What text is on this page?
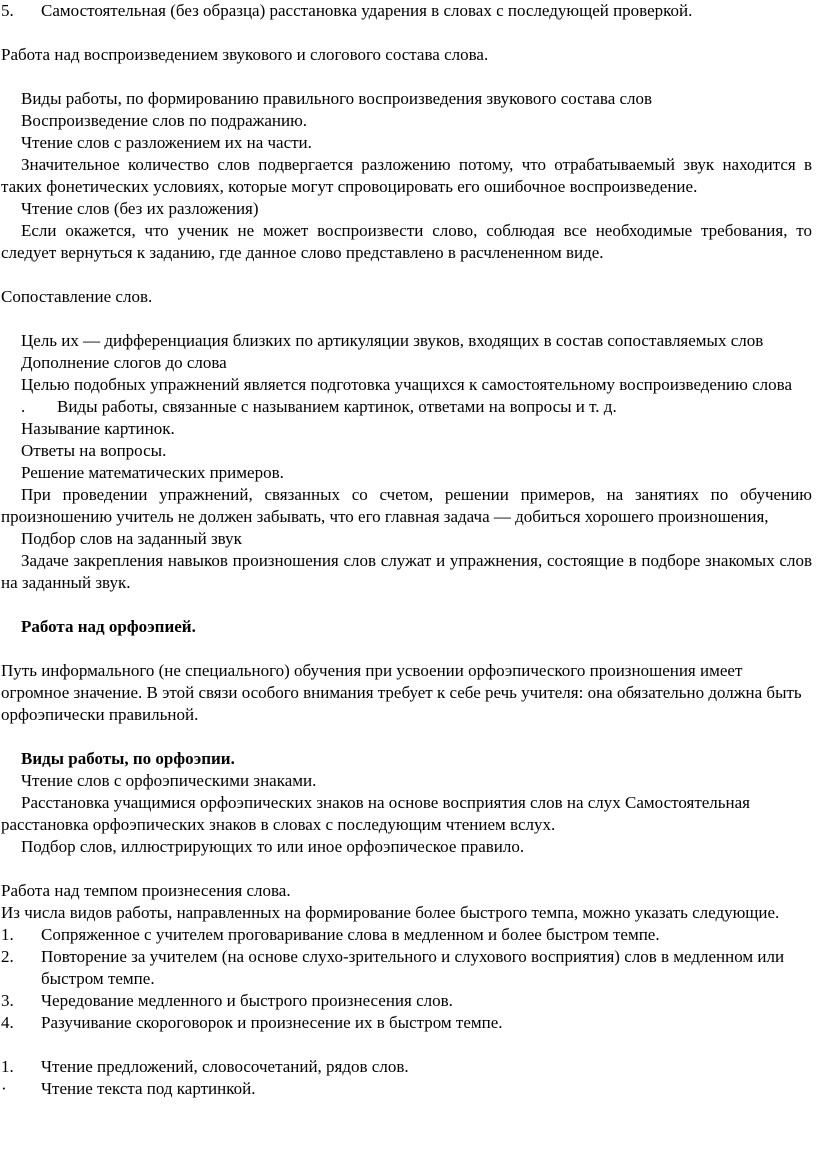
5.	Самостоятельная (без образца) расстановка ударения в словах с последующей проверкой.

Работа над воспроизведением звукового и слогового состава слова.

Виды работы, по формированию правильного воспроизведения звукового состава слов

Воспроизведение слов по подражанию.

Чтение слов с разложением их на части.

Значительное количество слов подвергается разложению потому, что отрабатываемый звук находится в таких фонетических условиях, которые могут спровоцировать его ошибочное воспроизведение.

Чтение слов (без их разложения)

Если окажется, что ученик не может воспроизвести слово, соблюдая все необходимые требования, то следует вернуться к заданию, где данное слово представлено в расчлененном виде.

Сопоставление слов.

Цель их — дифференциация близких по артикуляции звуков, входящих в состав сопоставляемых слов

Дополнение слогов до слова

Целью подобных упражнений является подготовка учащихся к самостоятельному воспроизведению слова

.	Виды работы, связанные с называнием картинок, ответами на вопросы и т. д.

Называние картинок.

Ответы на вопросы.

Решение математических примеров.

При проведении упражнений, связанных со счетом, решении примеров, на занятиях по обучению произношению учитель не должен забывать, что его главная задача — добиться хорошего произношения,

Подбор слов на заданный звук

Задаче закрепления навыков произношения слов служат и упражнения, состоящие в подборе знакомых слов на заданный звук.

Работа над орфоэпией.

Путь информального (не специального) обучения при усвоении орфоэпического произношения имеет огромное значение. В этой связи особого внимания требует к себе речь учителя: она обязательно должна быть орфоэпически правильной.

Виды работы, по орфоэпии.

Чтение слов с орфоэпическими знаками.

Расстановка учащимися орфоэпических знаков на основе восприятия слов на слух Самостоятельная расстановка орфоэпических знаков в словах с последующим чтением вслух.

Подбор слов, иллюстрирующих то или иное орфоэпическое правило.

Работа над темпом произнесения слова.

Из числа видов работы, направленных на формирование более быстрого темпа, можно указать следующие.

1.	Сопряженное с учителем проговаривание слова в медленном и более быстром темпе.
2.	Повторение за учителем (на основе слухо-зрительного и слухового восприятия) слов в медленном или быстром темпе.
3.	Чередование медленного и быстрого произнесения слов.
4.	Разучивание скороговорок и произнесение их в быстром темпе.
1.	Чтение предложений, словосочетаний, рядов слов.
·	Чтение текста под картинкой.
